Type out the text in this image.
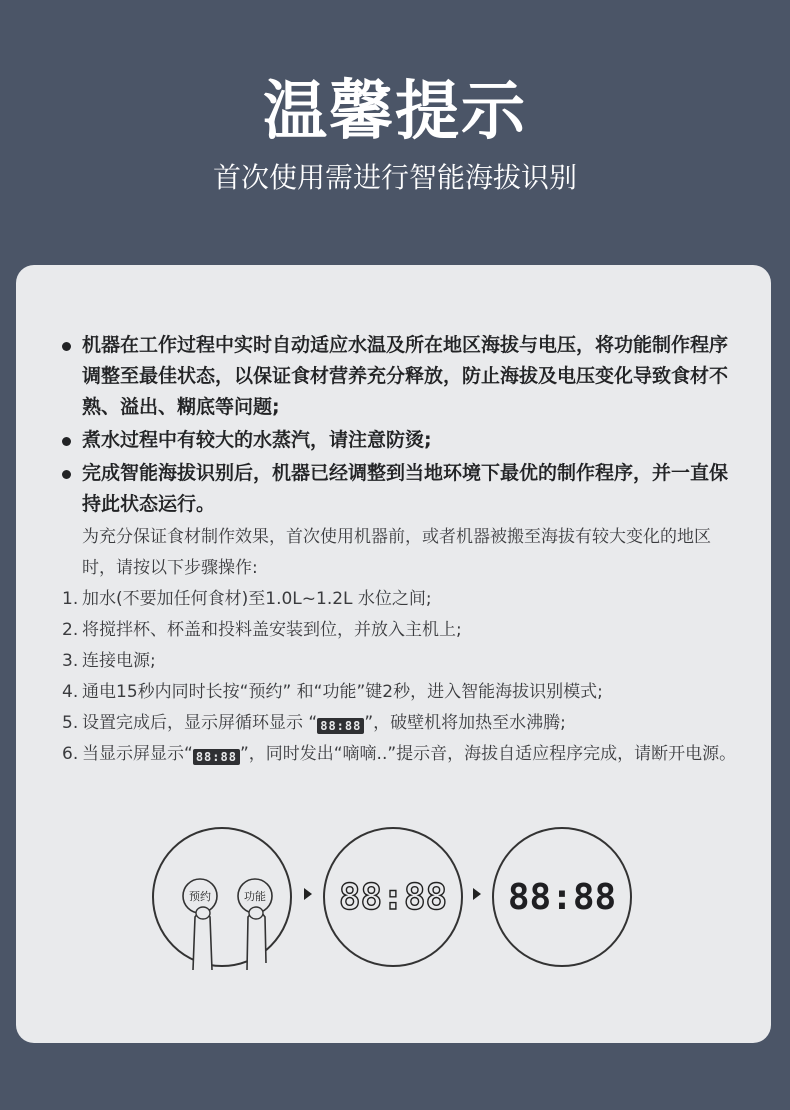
温馨提示
首次使用需进行智能海拔识别
机器在工作过程中实时自动适应水温及所在地区海拔与电压，将功能制作程序调整至最佳状态，以保证食材营养充分释放，防止海拔及电压变化导致食材不熟、溢出、糊底等问题;
煮水过程中有较大的水蒸汽，请注意防烫;
完成智能海拔识别后，机器已经调整到当地环境下最优的制作程序，并一直保持此状态运行。
为充分保证食材制作效果，首次使用机器前，或者机器被搬至海拔有较大变化的地区时，请按以下步骤操作:
1. 加水(不要加任何食材)至1.0L~1.2L 水位之间;
2. 将搅拌杯、杯盖和投料盖安装到位，并放入主机上;
3. 连接电源;
4. 通电15秒内同时长按“预约” 和“功能”键2秒，进入智能海拔识别模式;
5. 设置完成后，显示屏循环显示 “ 88:88 ”，破壁机将加热至水沸腾;
6. 当显示屏显示“ 88:88 ”，同时发出“嘀嘀..”提示音，海拔自适应程序完成，请断开电源。
预约	功能 88:88 88:88
